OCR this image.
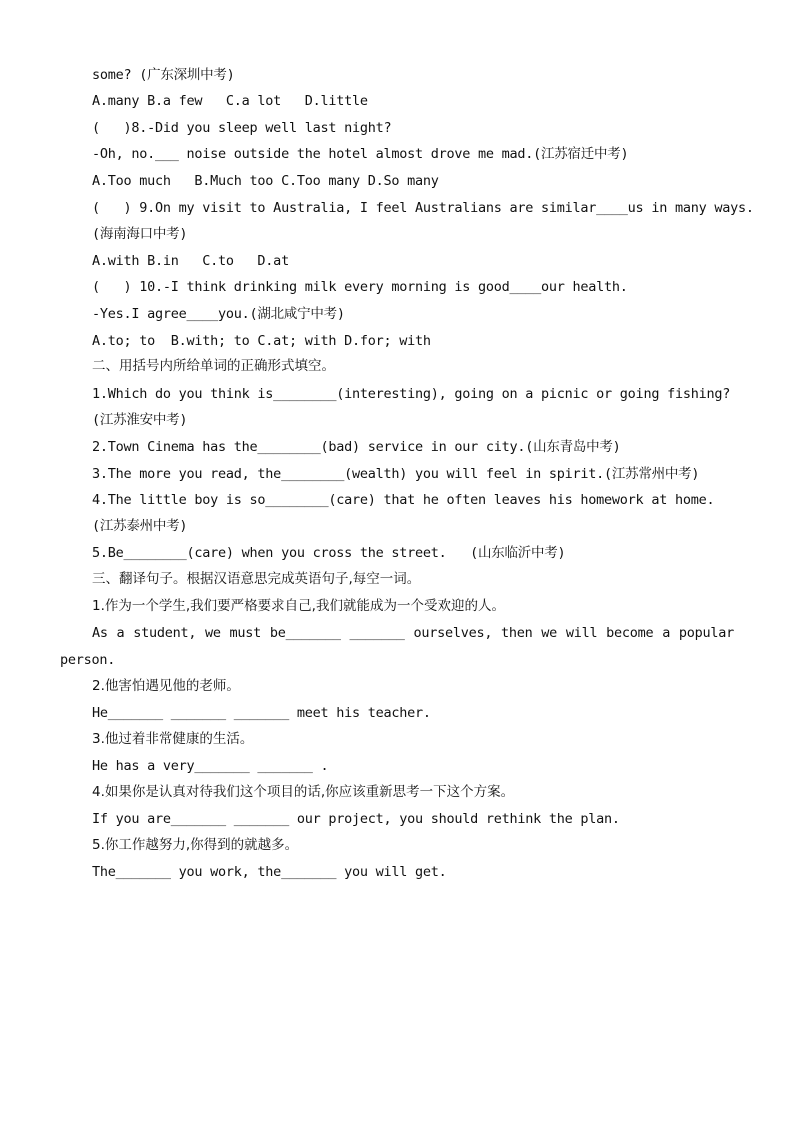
some? (广东深圳中考)
A.many B.a few   C.a lot   D.little
(   )8.-Did you sleep well last night?
-Oh, no.___ noise outside the hotel almost drove me mad.(江苏宿迁中考)
A.Too much   B.Much too C.Too many D.So many
(   ) 9.On my visit to Australia, I feel Australians are similar____us in many ways.
(海南海口中考)
A.with B.in   C.to   D.at
(   ) 10.-I think drinking milk every morning is good____our health.
-Yes.I agree____you.(湖北咸宁中考)
A.to; to  B.with; to C.at; with D.for; with
二、用括号内所给单词的正确形式填空。
1.Which do you think is________(interesting), going on a picnic or going fishing?
(江苏淮安中考)
2.Town Cinema has the________(bad) service in our city.(山东青岛中考)
3.The more you read, the________(wealth) you will feel in spirit.(江苏常州中考)
4.The little boy is so________(care) that he often leaves his homework at home.
(江苏泰州中考)
5.Be________(care) when you cross the street.   (山东临沂中考)
三、翻译句子。根据汉语意思完成英语句子,每空一词。
1.作为一个学生,我们要严格要求自己,我们就能成为一个受欢迎的人。
As a student, we must be_______ _______ ourselves, then we will become a popular
person.
2.他害怕遇见他的老师。
He_______ _______ _______ meet his teacher.
3.他过着非常健康的生活。
He has a very_______ _______ .
4.如果你是认真对待我们这个项目的话,你应该重新思考一下这个方案。
If you are_______ _______ our project, you should rethink the plan.
5.你工作越努力,你得到的就越多。
The_______ you work, the_______ you will get.
